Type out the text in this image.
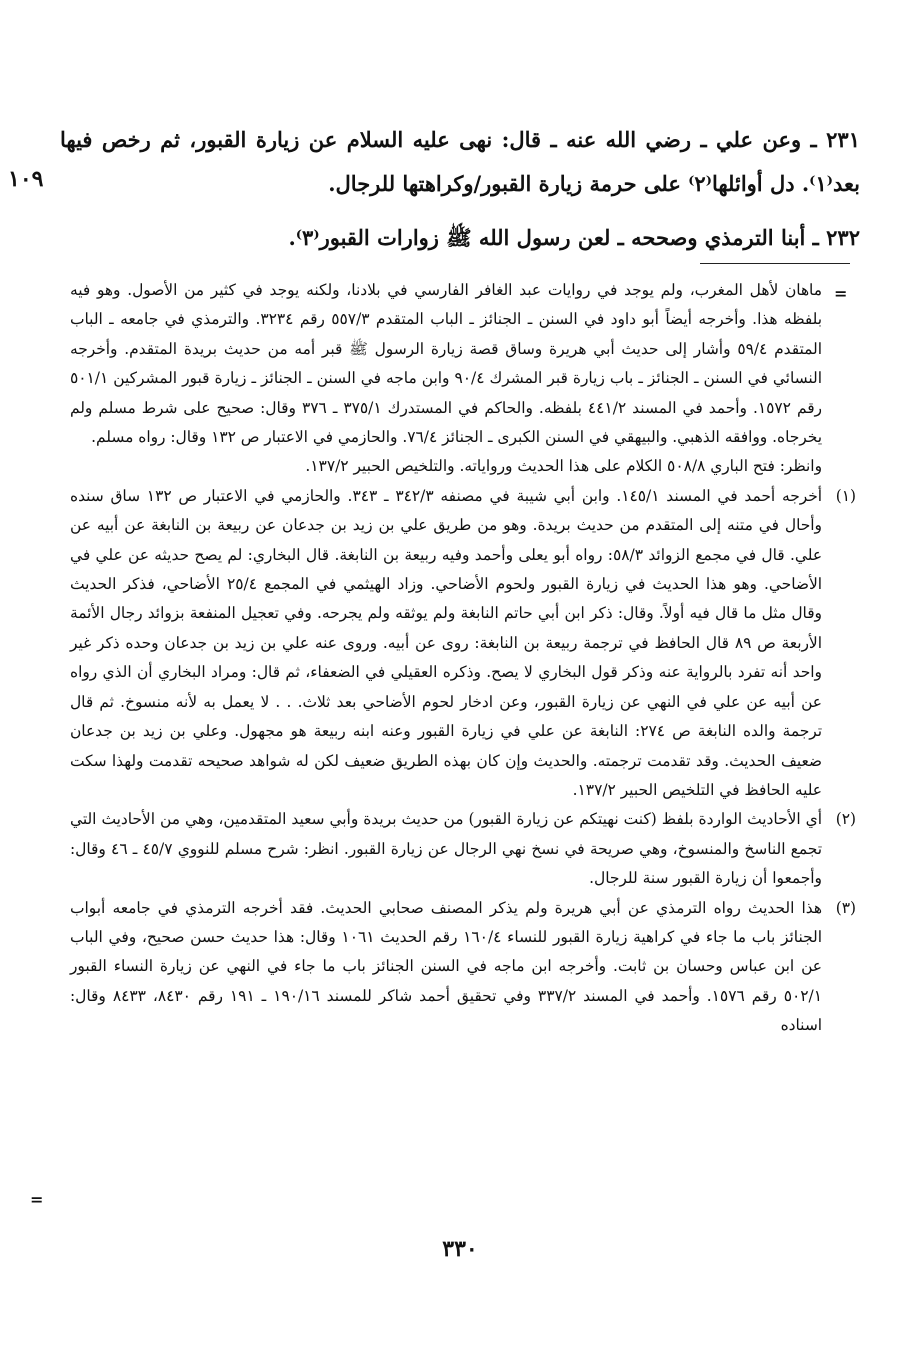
٢٣١ ـ وعن علي ـ رضي الله عنه ـ قال: نهى عليه السلام عن زيارة القبور، ثم رخص فيها بعد⁽١⁾. دل أوائلها⁽٢⁾ على حرمة زيارة القبور/وكراهتها للرجال.

٢٣٢ ـ أبنا الترمذي وصححه ـ لعن رسول الله ﷺ زوارات القبور⁽٣⁾.

١٠٩
=

ماهان لأهل المغرب، ولم يوجد في روايات عبد الغافر الفارسي في بلادنا، ولكنه يوجد في كثير من الأصول. وهو فيه بلفظه هذا. وأخرجه أيضاً أبو داود في السنن ـ الجنائز ـ الباب المتقدم ٥٥٧/٣ رقم ٣٢٣٤. والترمذي في جامعه ـ الباب المتقدم ٥٩/٤ وأشار إلى حديث أبي هريرة وساق قصة زيارة الرسول ﷺ قبر أمه من حديث بريدة المتقدم. وأخرجه النسائي في السنن ـ الجنائز ـ باب زيارة قبر المشرك ٩٠/٤ وابن ماجه في السنن ـ الجنائز ـ زيارة قبور المشركين ٥٠١/١ رقم ١٥٧٢. وأحمد في المسند ٤٤١/٢ بلفظه. والحاكم في المستدرك ٣٧٥/١ ـ ٣٧٦ وقال: صحيح على شرط مسلم ولم يخرجاه. ووافقه الذهبي. والبيهقي في السنن الكبرى ـ الجنائز ٧٦/٤. والحازمي في الاعتبار ص ١٣٢ وقال: رواه مسلم.

وانظر: فتح الباري ٥٠٨/٨ الكلام على هذا الحديث ورواياته. والتلخيص الحبير ١٣٧/٢.

(١)

أخرجه أحمد في المسند ١٤٥/١. وابن أبي شيبة في مصنفه ٣٤٢/٣ ـ ٣٤٣. والحازمي في الاعتبار ص ١٣٢ ساق سنده وأحال في متنه إلى المتقدم من حديث بريدة. وهو من طريق علي بن زيد بن جدعان عن ربيعة بن النابغة عن أبيه عن علي. قال في مجمع الزوائد ٥٨/٣: رواه أبو يعلى وأحمد وفيه ربيعة بن النابغة. قال البخاري: لم يصح حديثه عن علي في الأضاحي. وهو هذا الحديث في زيارة القبور ولحوم الأضاحي. وزاد الهيثمي في المجمع ٢٥/٤ الأضاحي، فذكر الحديث وقال مثل ما قال فيه أولاً. وقال: ذكر ابن أبي حاتم النابغة ولم يوثقه ولم يجرحه. وفي تعجيل المنفعة بزوائد رجال الأئمة الأربعة ص ٨٩ قال الحافظ في ترجمة ربيعة بن النابغة: روى عن أبيه. وروى عنه علي بن زيد بن جدعان وحده ذكر غير واحد أنه تفرد بالرواية عنه وذكر قول البخاري لا يصح. وذكره العقيلي في الضعفاء، ثم قال: ومراد البخاري أن الذي رواه عن أبيه عن علي في النهي عن زيارة القبور، وعن ادخار لحوم الأضاحي بعد ثلاث. . . لا يعمل به لأنه منسوخ. ثم قال ترجمة والده النابغة ص ٢٧٤: النابغة عن علي في زيارة القبور وعنه ابنه ربيعة هو مجهول. وعلي بن زيد بن جدعان ضعيف الحديث. وقد تقدمت ترجمته. والحديث وإن كان بهذه الطريق ضعيف لكن له شواهد صحيحه تقدمت ولهذا سكت عليه الحافظ في التلخيص الحبير ١٣٧/٢.

(٢)

أي الأحاديث الواردة بلفظ (كنت نهيتكم عن زيارة القبور) من حديث بريدة وأبي سعيد المتقدمين، وهي من الأحاديث التي تجمع الناسخ والمنسوخ، وهي صريحة في نسخ نهي الرجال عن زيارة القبور. انظر: شرح مسلم للنووي ٤٥/٧ ـ ٤٦ وقال: وأجمعوا أن زيارة القبور سنة للرجال.

(٣)

هذا الحديث رواه الترمذي عن أبي هريرة ولم يذكر المصنف صحابي الحديث. فقد أخرجه الترمذي في جامعه أبواب الجنائز باب ما جاء في كراهية زيارة القبور للنساء ١٦٠/٤ رقم الحديث ١٠٦١ وقال: هذا حديث حسن صحيح، وفي الباب عن ابن عباس وحسان بن ثابت. وأخرجه ابن ماجه في السنن الجنائز باب ما جاء في النهي عن زيارة النساء القبور ٥٠٢/١ رقم ١٥٧٦. وأحمد في المسند ٣٣٧/٢ وفي تحقيق أحمد شاكر للمسند ١٩٠/١٦ ـ ١٩١ رقم ٨٤٣٠، ٨٤٣٣ وقال: اسناده

=
٣٣٠
